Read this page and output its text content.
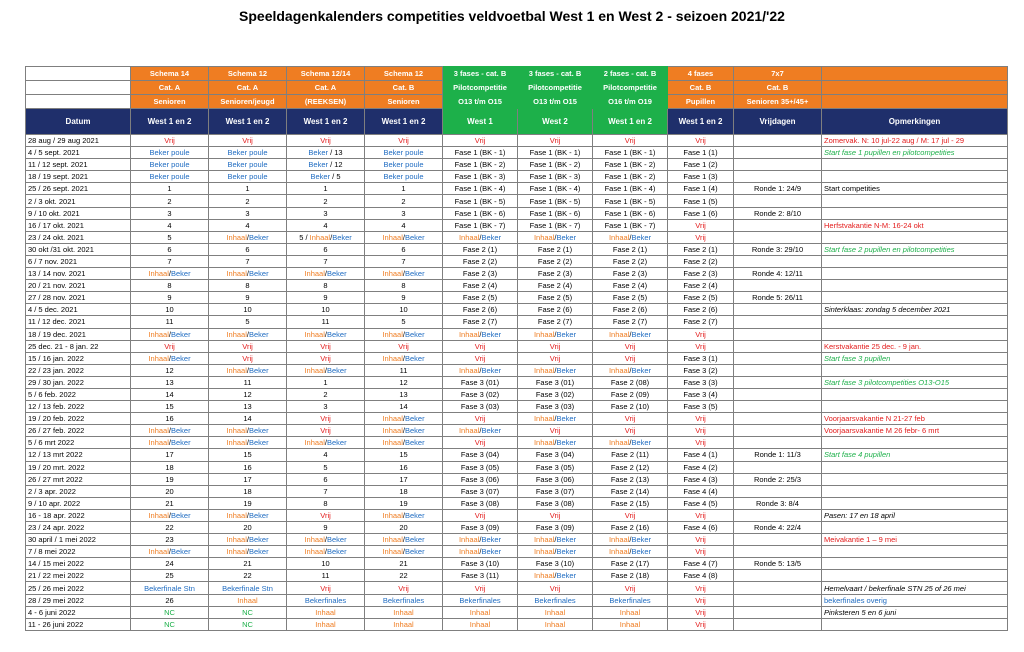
Speeldagenkalenders competities veldvoetbal West 1 en West 2 - seizoen 2021/'22
	Schema 14	Schema 12	Schema 12/14	Schema 12	3 fases - cat. B	3 fases - cat. B	2 fases - cat. B	4 fases	7x7	
	Cat. A	Cat. A	Cat. A	Cat. B	Pilotcompetitie	Pilotcompetitie	Pilotcompetitie	Cat. B	Cat. B	
	Senioren	Senioren/jeugd	(REEKSEN)	Senioren	O13 t/m O15	O13 t/m O15	O16 t/m O19	Pupillen	Senioren 35+/45+	
Datum	West 1 en 2	West 1 en 2	West 1 en 2	West 1 en 2	West 1	West 2	West 1 en 2	West 1 en 2	Vrijdagen	Opmerkingen
28 aug / 29 aug 2021	Vrij	Vrij	Vrij	Vrij	Vrij	Vrij	Vrij	Vrij		Zomervak. N: 10 jul-22 aug / M: 17 jul - 29
4 / 5 sept. 2021	Beker poule	Beker poule	Beker / 13	Beker poule	Fase 1 (BK - 1)	Fase 1 (BK - 1)	Fase 1 (BK - 1)	Fase 1 (1)		Start fase 1 pupillen en pilotcompetities
11 / 12 sept. 2021	Beker poule	Beker poule	Beker / 12	Beker poule	Fase 1 (BK - 2)	Fase 1 (BK - 2)	Fase 1 (BK - 2)	Fase 1 (2)		
18 / 19 sept. 2021	Beker poule	Beker poule	Beker / 5	Beker poule	Fase 1 (BK - 3)	Fase 1 (BK - 3)	Fase 1 (BK - 2)	Fase 1 (3)		
25 / 26 sept. 2021	1	1	1	1	Fase 1 (BK - 4)	Fase 1 (BK - 4)	Fase 1 (BK - 4)	Fase 1 (4)	Ronde 1: 24/9	Start competities
2 / 3 okt. 2021	2	2	2	2	Fase 1 (BK - 5)	Fase 1 (BK - 5)	Fase 1 (BK - 5)	Fase 1 (5)		
9 / 10 okt. 2021	3	3	3	3	Fase 1 (BK - 6)	Fase 1 (BK - 6)	Fase 1 (BK - 6)	Fase 1 (6)	Ronde 2: 8/10	
16 / 17 okt. 2021	4	4	4	4	Fase 1 (BK - 7)	Fase 1 (BK - 7)	Fase 1 (BK - 7)	Vrij		Herfstvakantie N-M: 16-24 okt
23 / 24 okt. 2021	5	Inhaal/Beker	5 / Inhaal/Beker	Inhaal/Beker	Inhaal/Beker	Inhaal/Beker	Inhaal/Beker	Vrij		
30 okt /31 okt. 2021	6	6	6	6	Fase 2 (1)	Fase 2 (1)	Fase 2 (1)	Fase 2 (1)	Ronde 3: 29/10	Start fase 2 pupillen en pilotcompetities
6 / 7 nov. 2021	7	7	7	7	Fase 2 (2)	Fase 2 (2)	Fase 2 (2)	Fase 2 (2)		
13 / 14 nov. 2021	Inhaal/Beker	Inhaal/Beker	Inhaal/Beker	Inhaal/Beker	Fase 2 (3)	Fase 2 (3)	Fase 2 (3)	Fase 2 (3)	Ronde 4: 12/11	
20 / 21 nov. 2021	8	8	8	8	Fase 2 (4)	Fase 2 (4)	Fase 2 (4)	Fase 2 (4)		
27 / 28 nov. 2021	9	9	9	9	Fase 2 (5)	Fase 2 (5)	Fase 2 (5)	Fase 2 (5)	Ronde 5: 26/11	
4 / 5 dec. 2021	10	10	10	10	Fase 2 (6)	Fase 2 (6)	Fase 2 (6)	Fase 2 (6)		Sinterklaas: zondag 5 december 2021
11 / 12 dec. 2021	11	5	11	5	Fase 2 (7)	Fase 2 (7)	Fase 2 (7)	Fase 2 (7)		
18 / 19 dec. 2021	Inhaal/Beker	Inhaal/Beker	Inhaal/Beker	Inhaal/Beker	Inhaal/Beker	Inhaal/Beker	Inhaal/Beker	Vrij		
25 dec. 21 - 8 jan. 22	Vrij	Vrij	Vrij	Vrij	Vrij	Vrij	Vrij	Vrij		Kerstvakantie 25 dec. - 9 jan.
15 / 16 jan. 2022	Inhaal/Beker	Vrij	Vrij	Inhaal/Beker	Vrij	Vrij	Vrij	Fase 3 (1)		Start fase 3 pupillen
22 / 23 jan. 2022	12	Inhaal/Beker	Inhaal/Beker	11	Inhaal/Beker	Inhaal/Beker	Inhaal/Beker	Fase 3 (2)		
29 / 30 jan. 2022	13	11	1	12	Fase 3 (01)	Fase 3 (01)	Fase 2 (08)	Fase 3 (3)		Start fase 3 pilotcompetities O13-O15
5 / 6 feb. 2022	14	12	2	13	Fase 3 (02)	Fase 3 (02)	Fase 2 (09)	Fase 3 (4)		
12 / 13 feb. 2022	15	13	3	14	Fase 3 (03)	Fase 3 (03)	Fase 2 (10)	Fase 3 (5)		
19 / 20 feb. 2022	16	14	Vrij	Inhaal/Beker	Vrij	Inhaal/Beker	Vrij	Vrij		Voorjaarsvakantie N 21-27 feb
26 / 27 feb. 2022	Inhaal/Beker	Inhaal/Beker	Vrij	Inhaal/Beker	Inhaal/Beker	Vrij	Vrij	Vrij		Voorjaarsvakantie M 26 febr- 6 mrt
5 / 6 mrt 2022	Inhaal/Beker	Inhaal/Beker	Inhaal/Beker	Inhaal/Beker	Vrij	Inhaal/Beker	Inhaal/Beker	Vrij		
12 / 13 mrt 2022	17	15	4	15	Fase 3 (04)	Fase 3 (04)	Fase 2 (11)	Fase 4 (1)	Ronde 1: 11/3	Start fase 4 pupillen
19 / 20 mrt. 2022	18	16	5	16	Fase 3 (05)	Fase 3 (05)	Fase 2 (12)	Fase 4 (2)		
26 / 27 mrt 2022	19	17	6	17	Fase 3 (06)	Fase 3 (06)	Fase 2 (13)	Fase 4 (3)	Ronde 2: 25/3	
2 / 3 apr. 2022	20	18	7	18	Fase 3 (07)	Fase 3 (07)	Fase 2 (14)	Fase 4 (4)		
9 / 10 apr. 2022	21	19	8	19	Fase 3 (08)	Fase 3 (08)	Fase 2 (15)	Fase 4 (5)	Ronde 3: 8/4	
16 - 18 apr. 2022	Inhaal/Beker	Inhaal/Beker	Vrij	Inhaal/Beker	Vrij	Vrij	Vrij	Vrij		Pasen: 17 en 18 april
23 / 24 apr. 2022	22	20	9	20	Fase 3 (09)	Fase 3 (09)	Fase 2 (16)	Fase 4 (6)	Ronde 4: 22/4	
30 april / 1 mei 2022	23	Inhaal/Beker	Inhaal/Beker	Inhaal/Beker	Inhaal/Beker	Inhaal/Beker	Inhaal/Beker	Vrij		Meivakantie 1 – 9 mei
7 / 8 mei 2022	Inhaal/Beker	Inhaal/Beker	Inhaal/Beker	Inhaal/Beker	Inhaal/Beker	Inhaal/Beker	Inhaal/Beker	Vrij		
14 / 15 mei 2022	24	21	10	21	Fase 3 (10)	Fase 3 (10)	Fase 2 (17)	Fase 4 (7)	Ronde 5: 13/5	
21 / 22 mei 2022	25	22	11	22	Fase 3 (11)	Inhaal/Beker	Fase 2 (18)	Fase 4 (8)		
25 / 26 mei 2022	Bekerfinale Stn	Bekerfinale Stn	Vrij	Vrij	Vrij	Vrij	Vrij	Vrij		Hemelvaart / bekerfinale STN 25 of 26 mei
28 / 29 mei 2022	26	Inhaal	Bekerfinales	Bekerfinales	Bekerfinales	Bekerfinales	Bekerfinales	Vrij		bekerfinales overig
4 - 6 juni 2022	NC	NC	Inhaal	Inhaal	Inhaal	Inhaal	Inhaal	Vrij		Pinksteren 5 en 6 juni
11 - 26 juni 2022	NC	NC	Inhaal	Inhaal	Inhaal	Inhaal	Inhaal	Vrij		
